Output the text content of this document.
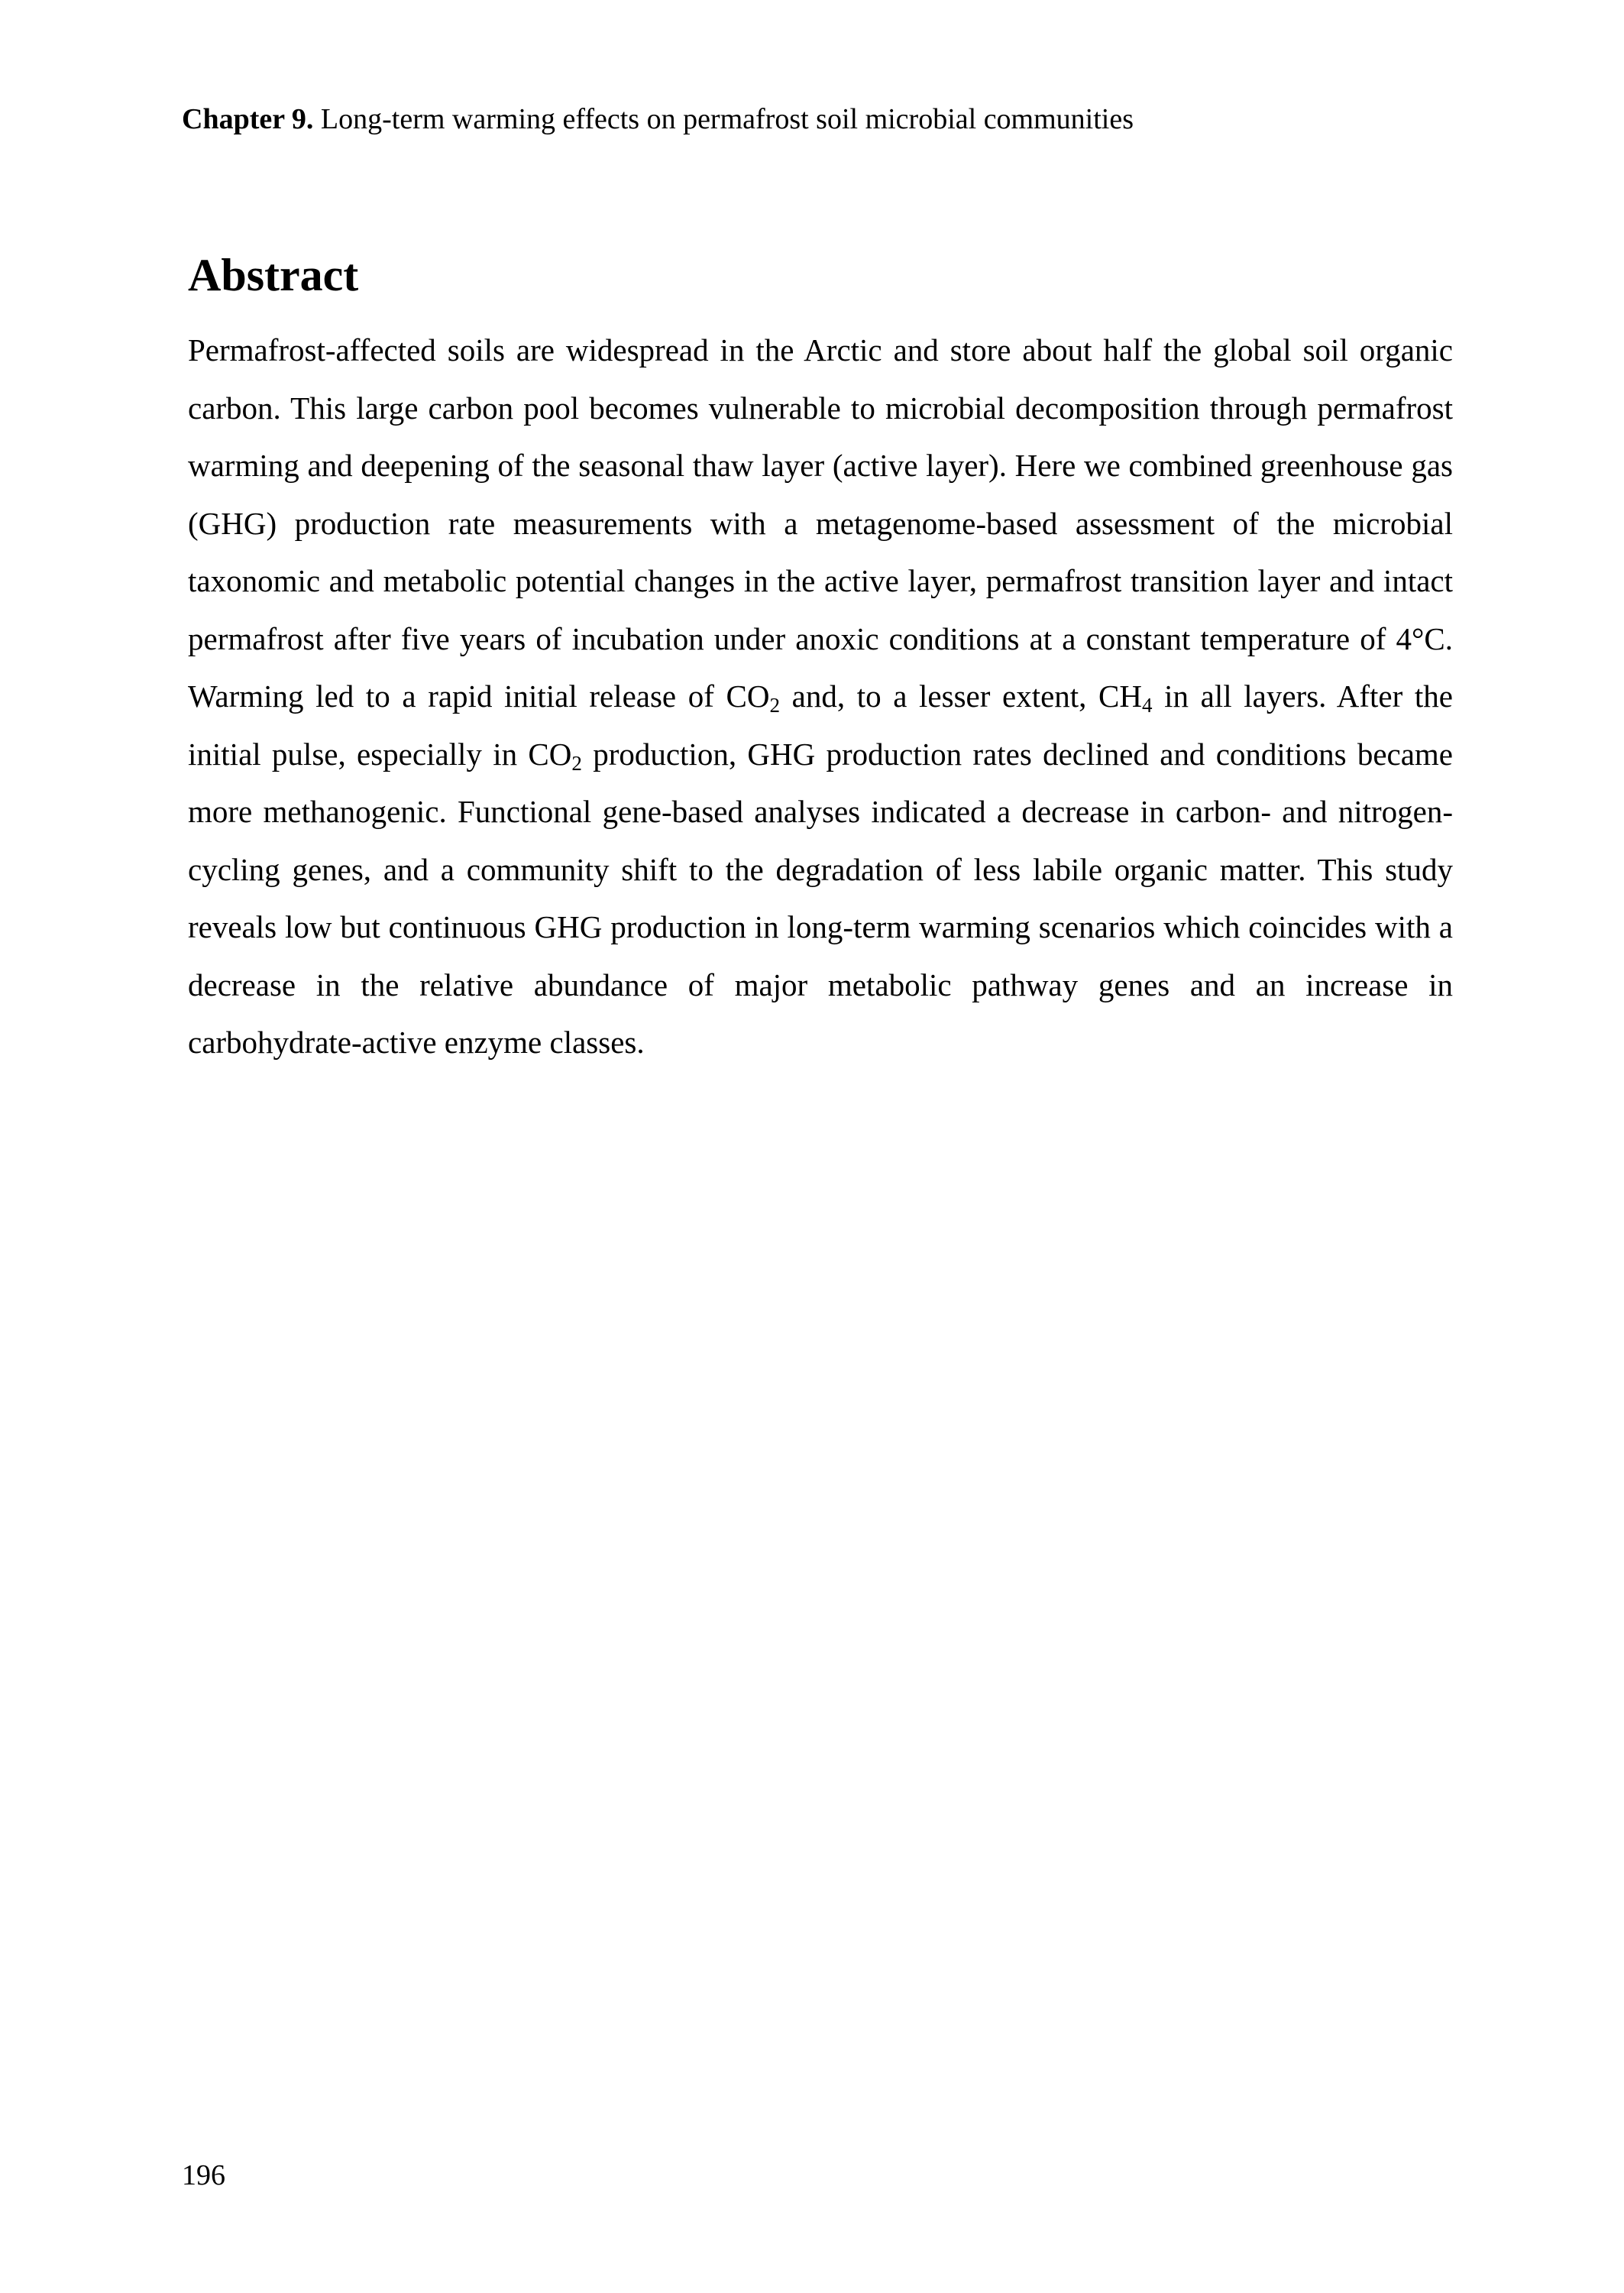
Chapter 9. Long-term warming effects on permafrost soil microbial communities
Abstract

Permafrost-affected soils are widespread in the Arctic and store about half the global soil organic carbon. This large carbon pool becomes vulnerable to microbial decomposition through permafrost warming and deepening of the seasonal thaw layer (active layer). Here we combined greenhouse gas (GHG) production rate measurements with a metagenome-based assessment of the microbial taxonomic and metabolic potential changes in the active layer, permafrost transition layer and intact permafrost after five years of incubation under anoxic conditions at a constant temperature of 4°C. Warming led to a rapid initial release of $CO_2$ and, to a lesser extent, $CH_4$ in all layers. After the initial pulse, especially in $CO_2$ production, GHG production rates declined and conditions became more methanogenic. Functional gene-based analyses indicated a decrease in carbon- and nitrogen-cycling genes, and a community shift to the degradation of less labile organic matter. This study reveals low but continuous GHG production in long-term warming scenarios which coincides with a decrease in the relative abundance of major metabolic pathway genes and an increase in carbohydrate-active enzyme classes.

196
